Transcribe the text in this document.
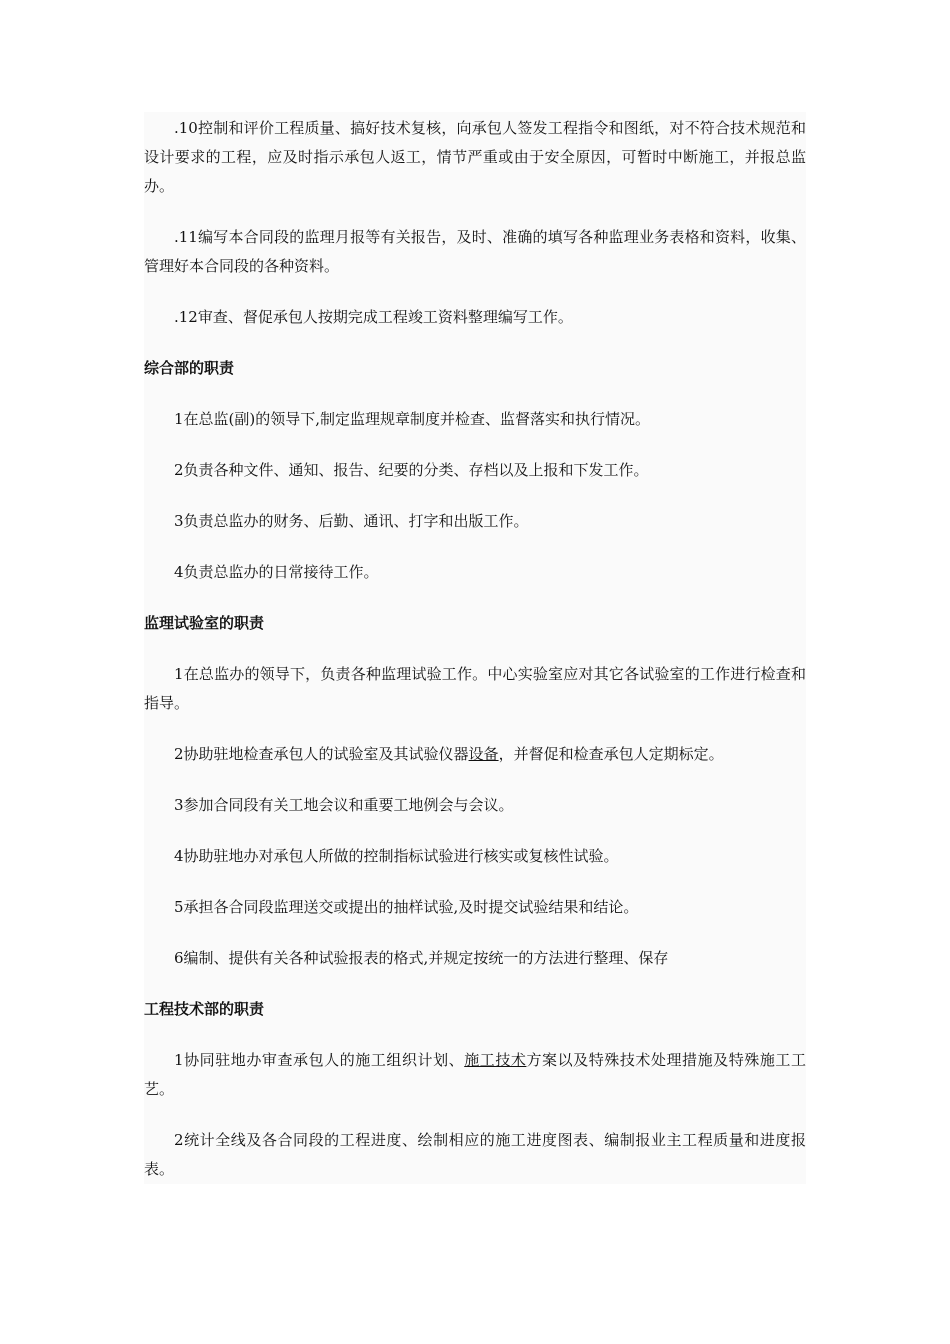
.10控制和评价工程质量、搞好技术复核，向承包人签发工程指令和图纸，对不符合技术规范和设计要求的工程，应及时指示承包人返工，情节严重或由于安全原因，可暂时中断施工，并报总监办。

.11编写本合同段的监理月报等有关报告，及时、准确的填写各种监理业务表格和资料，收集、管理好本合同段的各种资料。

.12审查、督促承包人按期完成工程竣工资料整理编写工作。

综合部的职责

1在总监(副)的领导下,制定监理规章制度并检查、监督落实和执行情况。

2负责各种文件、通知、报告、纪要的分类、存档以及上报和下发工作。

3负责总监办的财务、后勤、通讯、打字和出版工作。

4负责总监办的日常接待工作。

监理试验室的职责

1在总监办的领导下，负责各种监理试验工作。中心实验室应对其它各试验室的工作进行检查和指导。

2协助驻地检查承包人的试验室及其试验仪器设备，并督促和检查承包人定期标定。

3参加合同段有关工地会议和重要工地例会与会议。

4协助驻地办对承包人所做的控制指标试验进行核实或复核性试验。

5承担各合同段监理送交或提出的抽样试验,及时提交试验结果和结论。

6编制、提供有关各种试验报表的格式,并规定按统一的方法进行整理、保存

工程技术部的职责

1协同驻地办审查承包人的施工组织计划、施工技术方案以及特殊技术处理措施及特殊施工工艺。

2统计全线及各合同段的工程进度、绘制相应的施工进度图表、编制报业主工程质量和进度报表。
